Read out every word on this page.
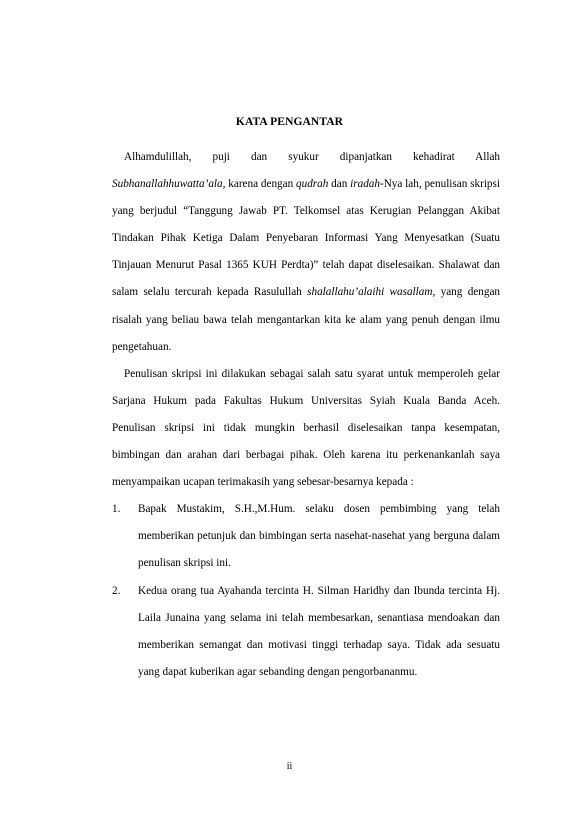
KATA PENGANTAR

Alhamdulillah, puji dan syukur dipanjatkan kehadirat Allah Subhanallahhuwatta’ala, karena dengan qudrah dan iradah-Nya lah, penulisan skripsi yang berjudul “Tanggung Jawab PT. Telkomsel atas Kerugian Pelanggan Akibat Tindakan Pihak Ketiga Dalam Penyebaran Informasi Yang Menyesatkan (Suatu Tinjauan Menurut Pasal 1365 KUH Perdta)” telah dapat diselesaikan. Shalawat dan salam selalu tercurah kepada Rasulullah shalallahu’alaihi wasallam, yang dengan risalah yang beliau bawa telah mengantarkan kita ke alam yang penuh dengan ilmu pengetahuan.

Penulisan skripsi ini dilakukan sebagai salah satu syarat untuk memperoleh gelar Sarjana Hukum pada Fakultas Hukum Universitas Syiah Kuala Banda Aceh. Penulisan skripsi ini tidak mungkin berhasil diselesaikan tanpa kesempatan, bimbingan dan arahan dari berbagai pihak. Oleh karena itu perkenankanlah saya menyampaikan ucapan terimakasih yang sebesar-besarnya kepada :

1. Bapak Mustakim, S.H.,M.Hum. selaku dosen pembimbing yang telah memberikan petunjuk dan bimbingan serta nasehat-nasehat yang berguna dalam penulisan skripsi ini.
2. Kedua orang tua Ayahanda tercinta H. Silman Haridhy dan Ibunda tercinta Hj. Laila Junaina yang selama ini telah membesarkan, senantiasa mendoakan dan memberikan semangat dan motivasi tinggi terhadap saya. Tidak ada sesuatu yang dapat kuberikan agar sebanding dengan pengorbananmu.
ii
